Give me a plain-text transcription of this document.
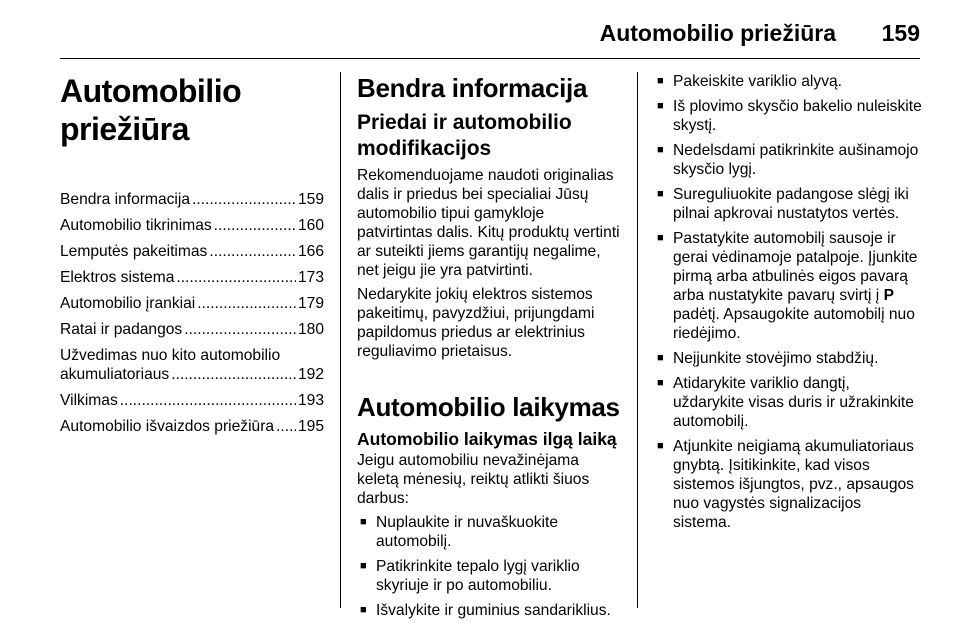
Automobilio priežiūra 159
Automobilio priežiūra
Bendra informacija .....	159
Automobilio tikrinimas .....	160
Lemputės pakeitimas .....	166
Elektros sistema .....	173
Automobilio įrankiai .....	179
Ratai ir padangos .....	180
Užvedimas nuo kito automobilio
akumuliatoriaus .....	192
Vilkimas .....	193
Automobilio išvaizdos priežiūra ..... 195
Bendra informacija
Priedai ir automobilio modifikacijos

Rekomenduojame naudoti originalias dalis ir priedus bei specialiai Jūsų automobilio tipui gamykloje patvirtintas dalis. Kitų produktų vertinti ar suteikti jiems garantijų negalime, net jeigu jie yra patvirtinti.

Nedarykite jokių elektros sistemos pakeitimų, pavyzdžiui, prijungdami papildomus priedus ar elektrinius reguliavimo prietaisus.

Automobilio laikymas
Automobilio laikymas ilgą laiką

Jeigu automobiliu nevažinėjama keletą mėnesių, reiktų atlikti šiuos darbus:

■ Nuplaukite ir nuvaškuokite automobilį.
■ Patikrinkite tepalo lygį variklio skyriuje ir po automobiliu.
■ Išvalykite ir guminius sandariklius.
■ Pakeiskite variklio alyvą.
■ Iš plovimo skysčio bakelio nuleiskite skystį.
■ Nedelsdami patikrinkite aušinamojo skysčio lygį.
■ Sureguliuokite padangose slėgį iki pilnai apkrovai nustatytos vertės.
■ Pastatykite automobilį sausoje ir gerai vėdinamoje patalpoje. Įjunkite pirmą arba atbulinės eigos pavarą arba nustatykite pavarų svirtį į P padėtį. Apsaugokite automobilį nuo riedėjimo.
■ Neįjunkite stovėjimo stabdžių.
■ Atidarykite variklio dangtį, uždarykite visas duris ir užrakinkite automobilį.
■ Atjunkite neigiamą akumuliatoriaus gnybtą. Įsitikinkite, kad visos sistemos išjungtos, pvz., apsaugos nuo vagystės signalizacijos sistema.
